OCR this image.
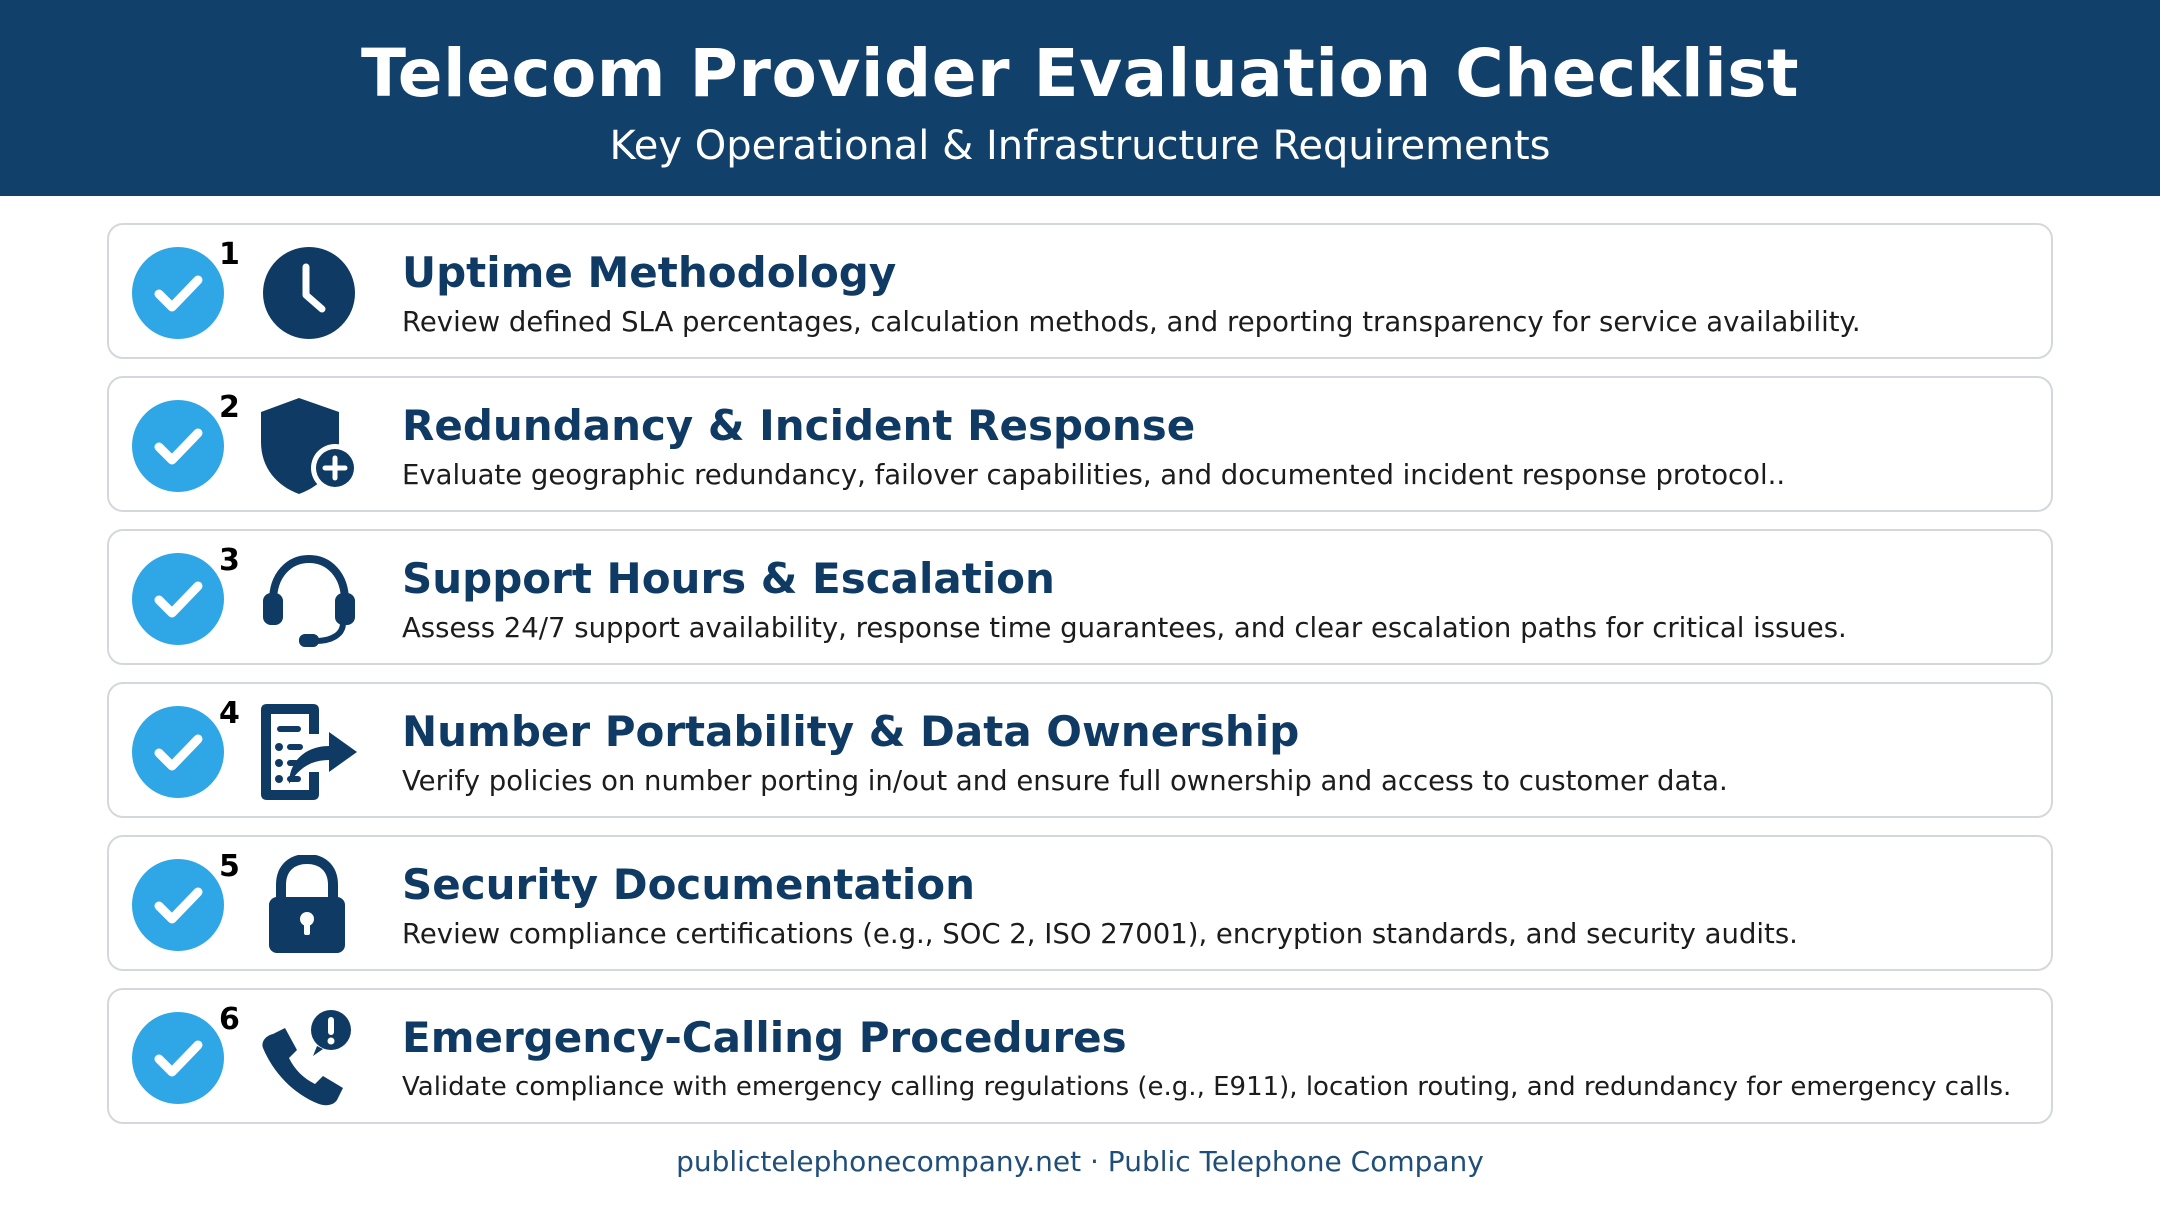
Telecom Provider Evaluation Checklist
Key Operational & Infrastructure Requirements
1	Uptime Methodology
Review defined SLA percentages, calculation methods, and reporting transparency for service availability.
2	Redundancy & Incident Response
Evaluate geographic redundancy, failover capabilities, and documented incident response protocol..
3	Support Hours & Escalation
Assess 24/7 support availability, response time guarantees, and clear escalation paths for critical issues.
4	Number Portability & Data Ownership
Verify policies on number porting in/out and ensure full ownership and access to customer data.
5	Security Documentation
Review compliance certifications (e.g., SOC 2, ISO 27001), encryption standards, and security audits.
6	Emergency-Calling Procedures
Validate compliance with emergency calling regulations (e.g., E911), location routing, and redundancy for emergency calls.
publictelephonecompany.net · Public Telephone Company
